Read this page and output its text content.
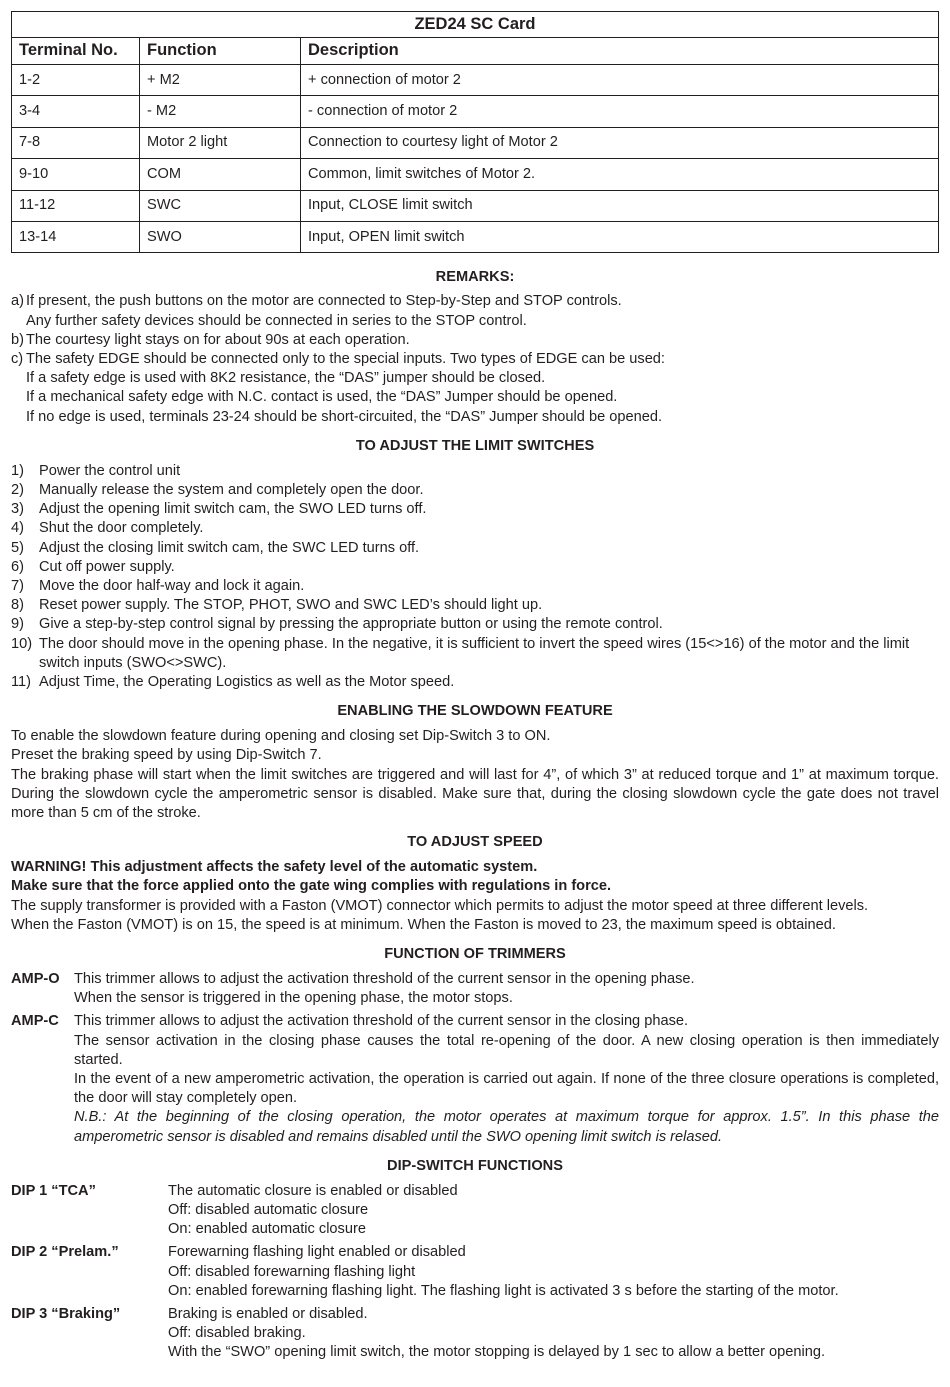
ZED24 SC Card		
Terminal No.	Function	Description
1-2	+ M2	+ connection of motor 2
3-4	- M2	- connection of motor 2
7-8	Motor 2 light	Connection to courtesy light of Motor 2
9-10	COM	Common, limit switches of Motor 2.
11-12	SWC	Input, CLOSE limit switch
13-14	SWO	Input, OPEN limit switch
REMARKS:
a) If present, the push buttons on the motor are connected to Step-by-Step and STOP controls.

Any further safety devices should be connected in series to the STOP control.

b) The courtesy light stays on for about 90s at each operation.
c) The safety EDGE should be connected only to the special inputs. Two types of EDGE can be used:

If a safety edge is used with 8K2 resistance, the “DAS” jumper should be closed.

If a mechanical safety edge with N.C. contact is used, the “DAS” Jumper should be opened.

If no edge is used, terminals 23-24 should be short-circuited, the “DAS” Jumper should be opened.

TO ADJUST THE LIMIT SWITCHES
1)	Power the control unit
2)	Manually release the system and completely open the door.
3)	Adjust the opening limit switch cam, the SWO LED turns off.
4)	Shut the door completely.
5)	Adjust the closing limit switch cam, the SWC LED turns off.
6)	Cut off power supply.
7)	Move the door half-way and lock it again.
8)	Reset power supply. The STOP, PHOT, SWO and SWC LED’s should light up.
9)	Give a step-by-step control signal by pressing the appropriate button or using the remote control.
10) The door should move in the opening phase. In the negative, it is sufficient to invert the speed wires (15<>16) of the motor and the limit switch inputs (SWO<>SWC).
11) Adjust Time, the Operating Logistics as well as the Motor speed.
ENABLING THE SLOWDOWN FEATURE

To enable the slowdown feature during opening and closing set Dip-Switch 3 to ON.

Preset the braking speed by using Dip-Switch 7.

The braking phase will start when the limit switches are triggered and will last for 4”, of which 3” at reduced torque and 1” at maximum torque. During the slowdown cycle the amperometric sensor is disabled. Make sure that, during the closing slowdown cycle the gate does not travel more than 5 cm of the stroke.

TO ADJUST SPEED

WARNING! This adjustment affects the safety level of the automatic system.

Make sure that the force applied onto the gate wing complies with regulations in force.

The supply transformer is provided with a Faston (VMOT) connector which permits to adjust the motor speed at three different levels.

When the Faston (VMOT) is on 15, the speed is at minimum. When the Faston is moved to 23, the maximum speed is obtained.

FUNCTION OF TRIMMERS
AMP-O This trimmer allows to adjust the activation threshold of the current sensor in the opening phase.

When the sensor is triggered in the opening phase, the motor stops.

AMP-C	This trimmer allows to adjust the activation threshold of the current sensor in the closing phase.

The sensor activation in the closing phase causes the total re-opening of the door. A new closing operation is then immediately started.

In the event of a new amperometric activation, the operation is carried out again. If none of the three closure operations is completed, the door will stay completely open.

N.B.: At the beginning of the closing operation, the motor operates at maximum torque for approx. 1.5”. In this phase the amperometric sensor is disabled and remains disabled until the SWO opening limit switch is relased.

DIP-SWITCH FUNCTIONS
DIP 1 “TCA”	The automatic closure is enabled or disabled

Off: disabled automatic closure

On: enabled automatic closure

DIP 2 “Prelam.”	Forewarning flashing light enabled or disabled

Off: disabled forewarning flashing light

On: enabled forewarning flashing light. The flashing light is activated 3 s before the starting of the motor.

DIP 3 “Braking”	Braking is enabled or disabled.

Off: disabled braking.

With the “SWO” opening limit switch, the motor stopping is delayed by 1 sec to allow a better opening.
